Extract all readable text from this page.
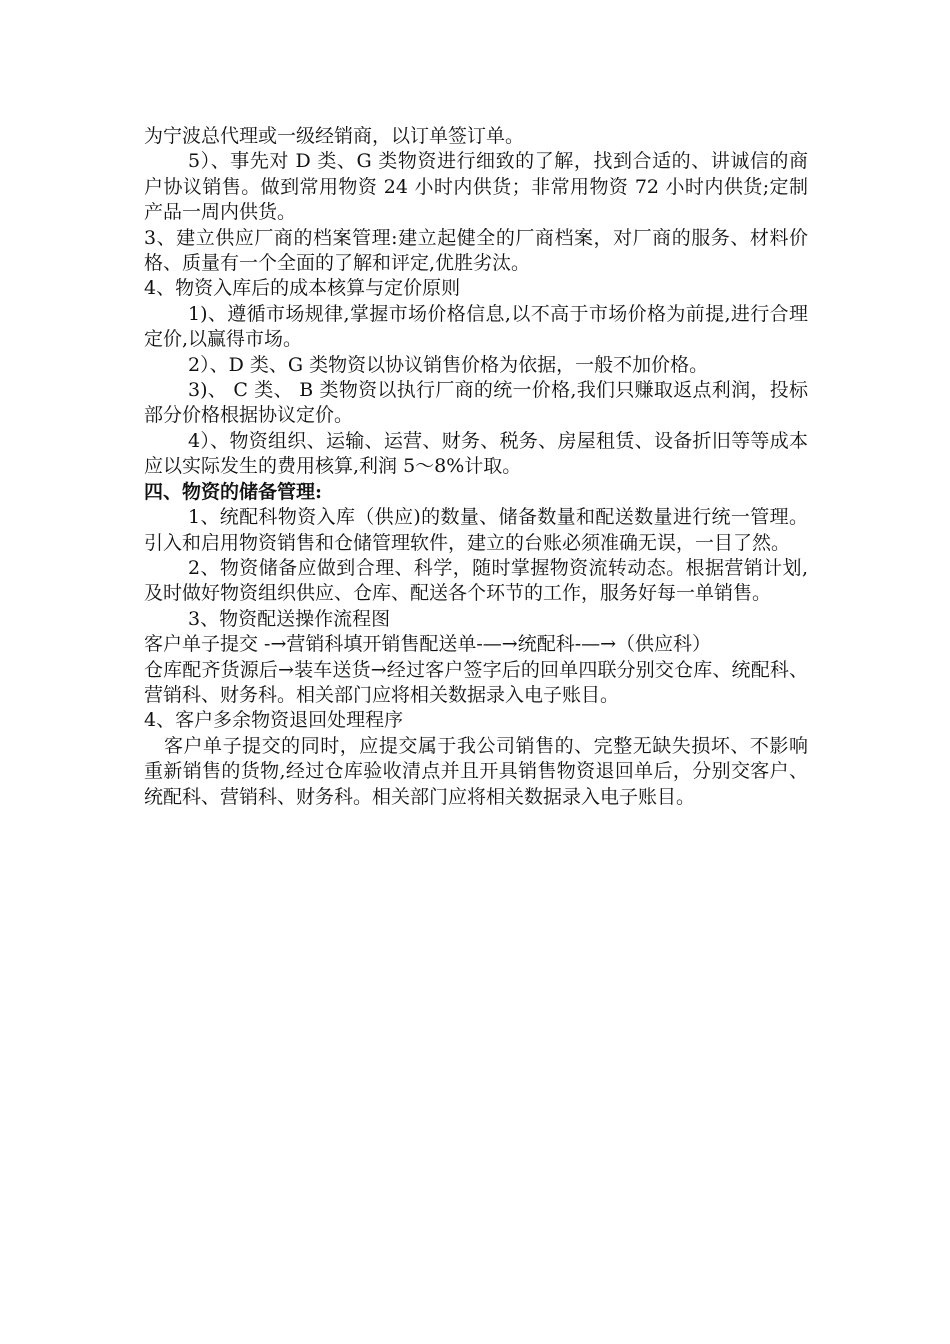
为宁波总代理或一级经销商，以订单签订单。

5）、事先对 D 类、G 类物资进行细致的了解，找到合适的、讲诚信的商户协议销售。做到常用物资 24 小时内供货；非常用物资 72 小时内供货;定制产品一周内供货。

3、建立供应厂商的档案管理:建立起健全的厂商档案，对厂商的服务、材料价格、质量有一个全面的了解和评定,优胜劣汰。

4、物资入库后的成本核算与定价原则

1)、遵循市场规律,掌握市场价格信息,以不高于市场价格为前提,进行合理定价,以赢得市场。

2）、D 类、G 类物资以协议销售价格为依据，一般不加价格。

3)、 C 类、 B 类物资以执行厂商的统一价格,我们只赚取返点利润，投标部分价格根据协议定价。

4）、物资组织、运输、运营、财务、税务、房屋租赁、设备折旧等等成本应以实际发生的费用核算,利润 5～8%计取。

四、物资的储备管理:

1、统配科物资入库（供应)的数量、储备数量和配送数量进行统一管理。引入和启用物资销售和仓储管理软件，建立的台账必须准确无误，一目了然。

2、物资储备应做到合理、科学，随时掌握物资流转动态。根据营销计划,及时做好物资组织供应、仓库、配送各个环节的工作，服务好每一单销售。

3、物资配送操作流程图

客户单子提交 -→营销科填开销售配送单-—→统配科-—→（供应科）

仓库配齐货源后→装车送货→经过客户签字后的回单四联分别交仓库、统配科、营销科、财务科。相关部门应将相关数据录入电子账目。

4、客户多余物资退回处理程序

客户单子提交的同时，应提交属于我公司销售的、完整无缺失损坏、不影响重新销售的货物,经过仓库验收清点并且开具销售物资退回单后，分别交客户、统配科、营销科、财务科。相关部门应将相关数据录入电子账目。
